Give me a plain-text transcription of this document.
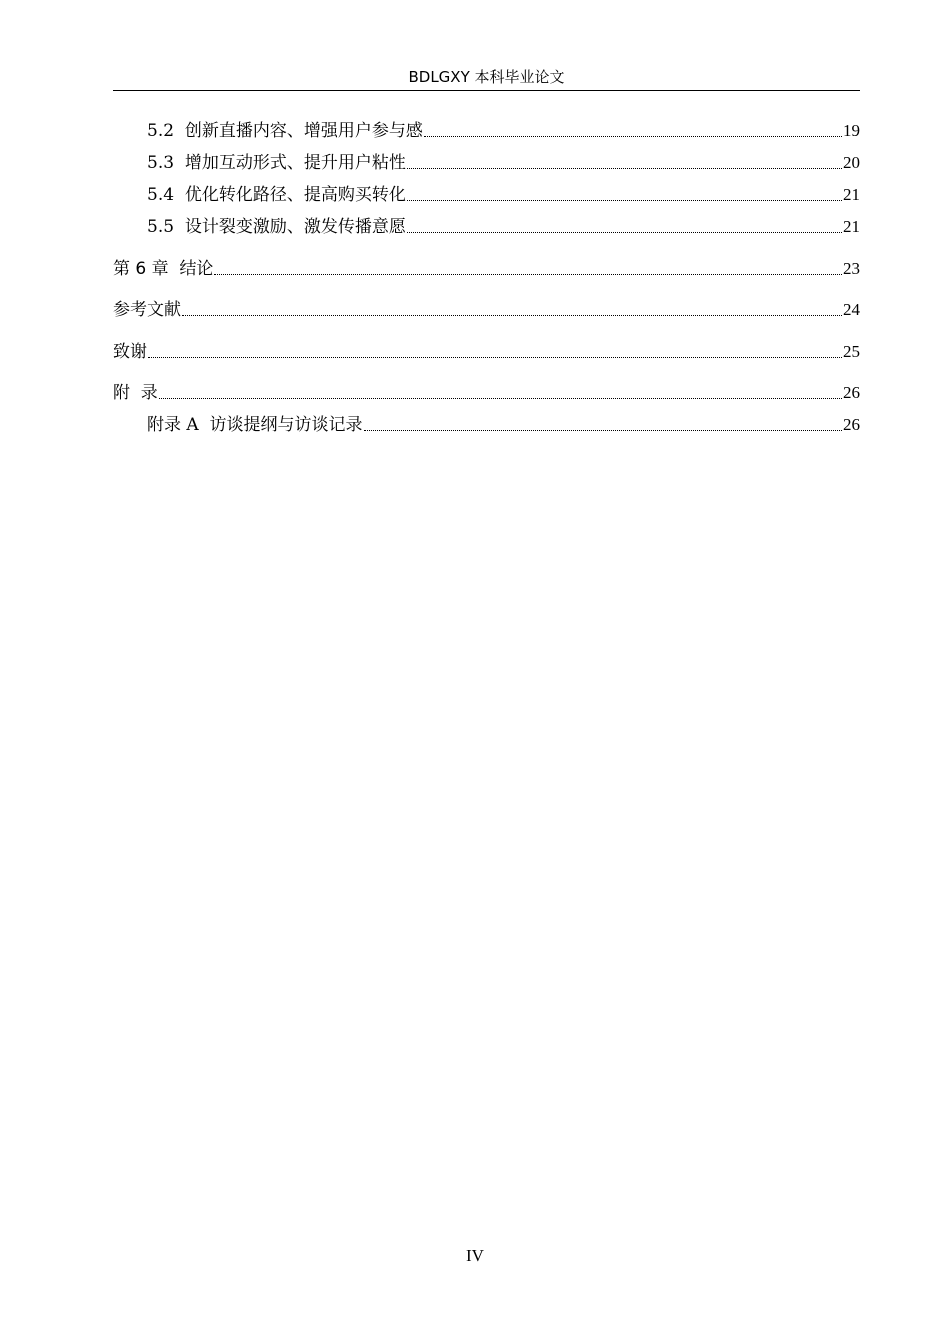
BDLGXY 本科毕业论文
5.2 创新直播内容、增强用户参与感	19
5.3 增加互动形式、提升用户粘性	20
5.4 优化转化路径、提高购买转化	21
5.5 设计裂变激励、激发传播意愿	21
第 6 章 结论	23
参考文献	24
致谢	25
附  录	26
附录 A 访谈提纲与访谈记录	26
IV
